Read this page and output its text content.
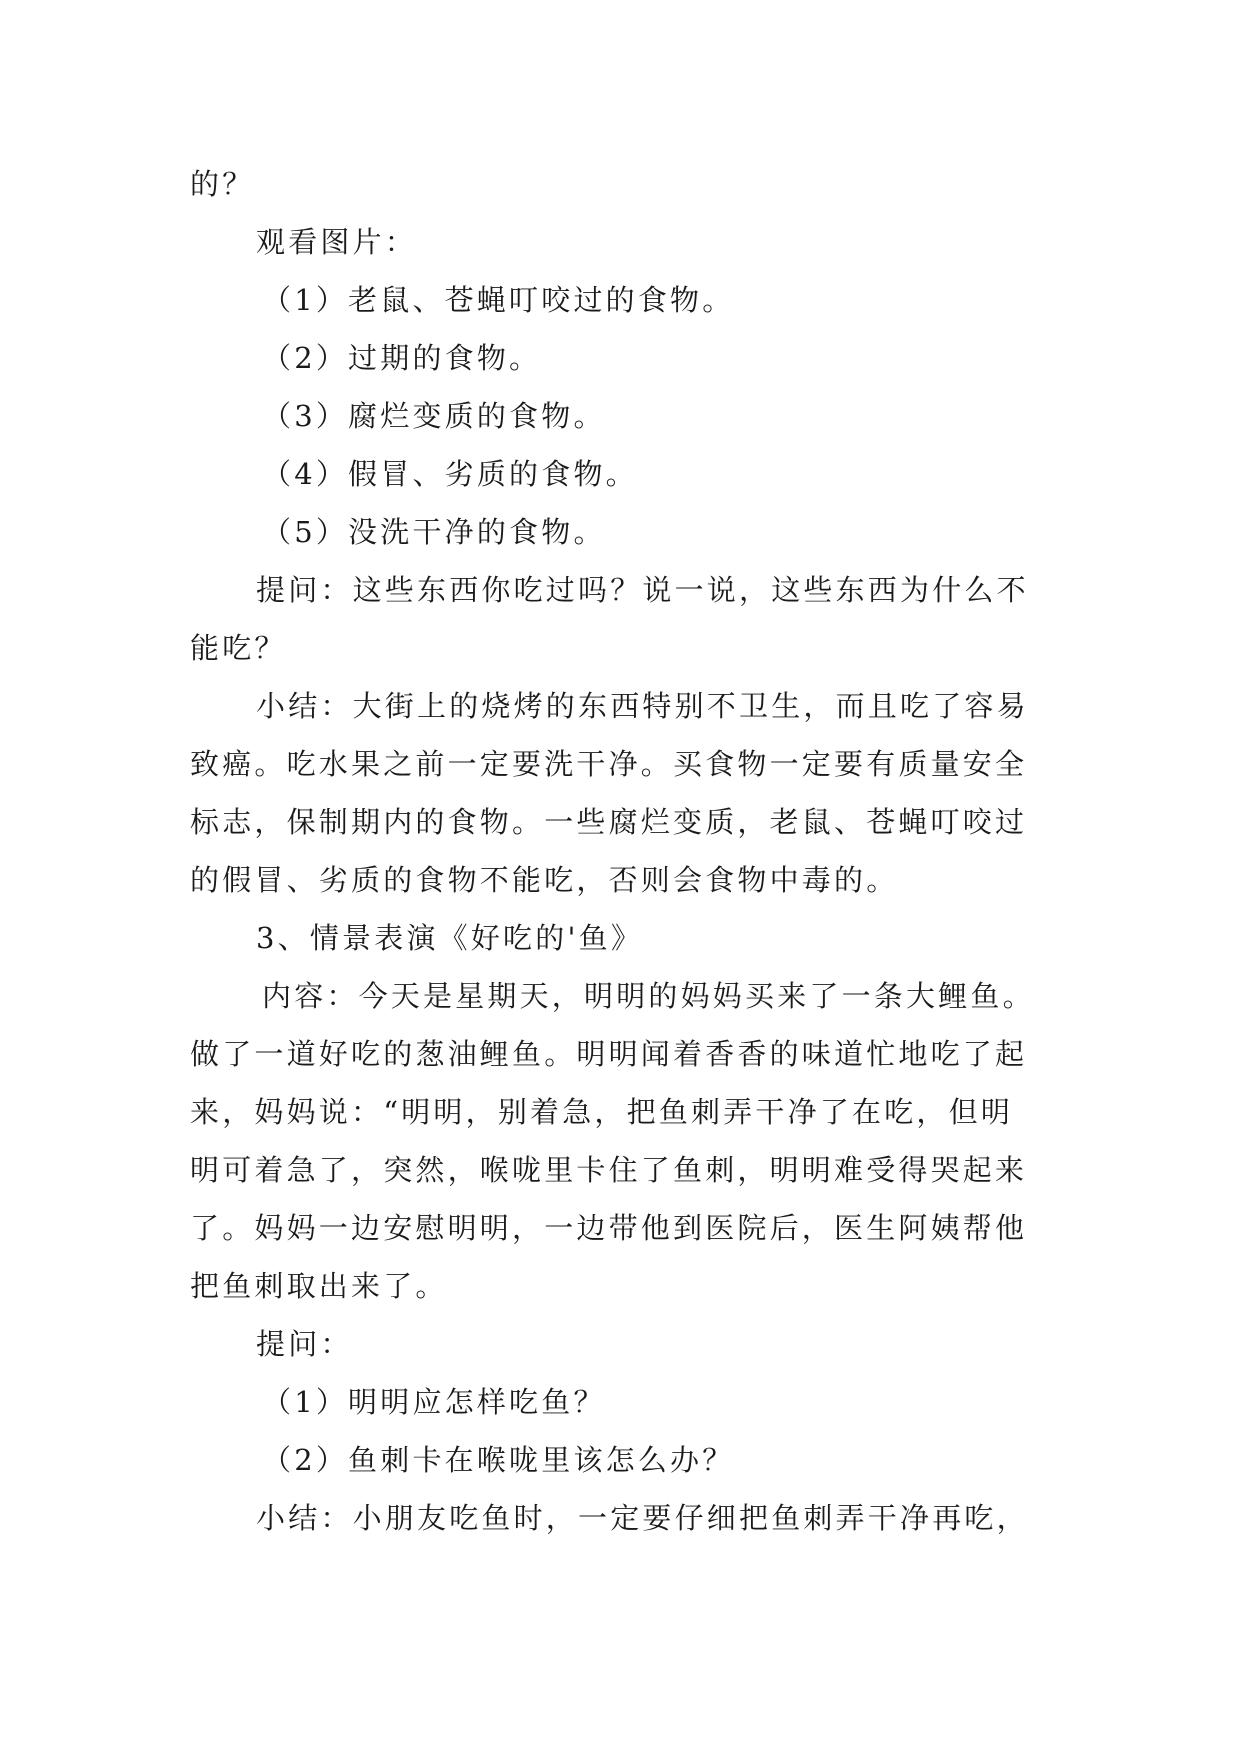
的？

观看图片：

（1）老鼠、苍蝇叮咬过的食物。

（2）过期的食物。

（3）腐烂变质的食物。

（4）假冒、劣质的食物。

（5）没洗干净的食物。

提问：这些东西你吃过吗？说一说，这些东西为什么不

能吃？

小结：大街上的烧烤的东西特别不卫生，而且吃了容易

致癌。吃水果之前一定要洗干净。买食物一定要有质量安全

标志，保制期内的食物。一些腐烂变质，老鼠、苍蝇叮咬过

的假冒、劣质的食物不能吃，否则会食物中毒的。

3、情景表演《好吃的'鱼》

内容：今天是星期天，明明的妈妈买来了一条大鲤鱼。

做了一道好吃的葱油鲤鱼。明明闻着香香的味道忙地吃了起

来，妈妈说：“明明，别着急，把鱼刺弄干净了在吃，但明

明可着急了，突然，喉咙里卡住了鱼刺，明明难受得哭起来

了。妈妈一边安慰明明，一边带他到医院后，医生阿姨帮他

把鱼刺取出来了。

提问：

（1）明明应怎样吃鱼？

（2）鱼刺卡在喉咙里该怎么办？

小结：小朋友吃鱼时，一定要仔细把鱼刺弄干净再吃，
